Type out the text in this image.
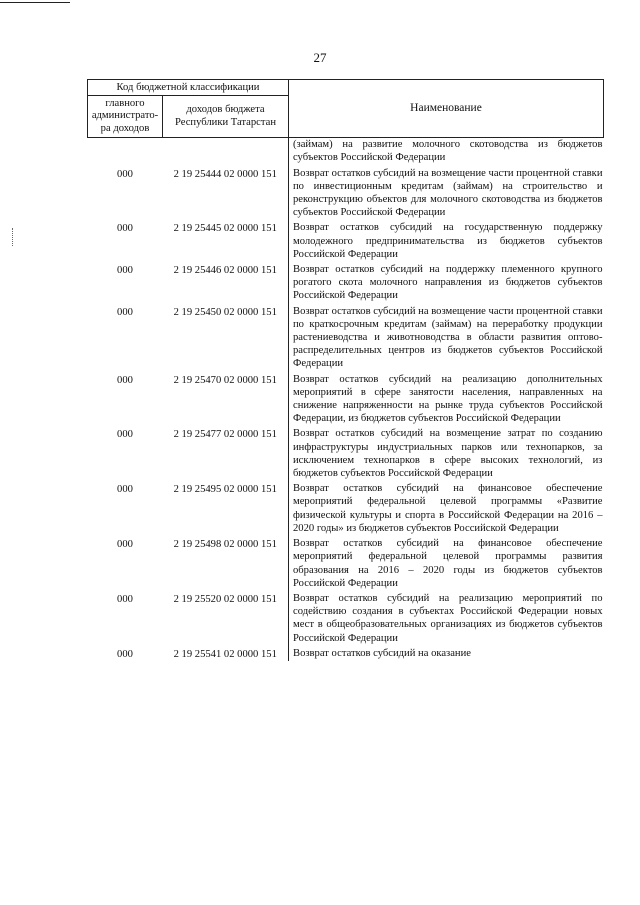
27
Код бюджетной классификации		Наименование
главного администрато-ра доходов	доходов бюджета Республики Татарстан	
		(займам) на развитие молочного скотоводства из бюджетов субъектов Российской Федерации
000	2 19 25444 02 0000 151	Возврат остатков субсидий на возмещение части процентной ставки по инвестиционным кредитам (займам) на строительство и реконструкцию объектов для молочного скотоводства из бюджетов субъектов Российской Федерации
000	2 19 25445 02 0000 151	Возврат остатков субсидий на государственную поддержку молодежного предпринимательства из бюджетов субъектов Российской Федерации
000	2 19 25446 02 0000 151	Возврат остатков субсидий на поддержку племенного крупного рогатого скота молочного направления из бюджетов субъектов Российской Федерации
000	2 19 25450 02 0000 151	Возврат остатков субсидий на возмещение части процентной ставки по краткосрочным кредитам (займам) на переработку продукции растениеводства и животноводства в области развития оптово-распределительных центров из бюджетов субъектов Российской Федерации
000	2 19 25470 02 0000 151	Возврат остатков субсидий на реализацию дополнительных мероприятий в сфере занятости населения, направленных на снижение напряженности на рынке труда субъектов Российской Федерации, из бюджетов субъектов Российской Федерации
000	2 19 25477 02 0000 151	Возврат остатков субсидий на возмещение затрат по созданию инфраструктуры индустриальных парков или технопарков, за исключением технопарков в сфере высоких технологий, из бюджетов субъектов Российской Федерации
000	2 19 25495 02 0000 151	Возврат остатков субсидий на финансовое обеспечение мероприятий федеральной целевой программы «Развитие физической культуры и спорта в Российской Федерации на 2016 – 2020 годы» из бюджетов субъектов Российской Федерации
000	2 19 25498 02 0000 151	Возврат остатков субсидий на финансовое обеспечение мероприятий федеральной целевой программы развития образования на 2016 – 2020 годы из бюджетов субъектов Российской Федерации
000	2 19 25520 02 0000 151	Возврат остатков субсидий на реализацию мероприятий по содействию создания в субъектах Российской Федерации новых мест в общеобразовательных организациях из бюджетов субъектов Российской Федерации
000	2 19 25541 02 0000 151	Возврат остатков субсидий на оказание
